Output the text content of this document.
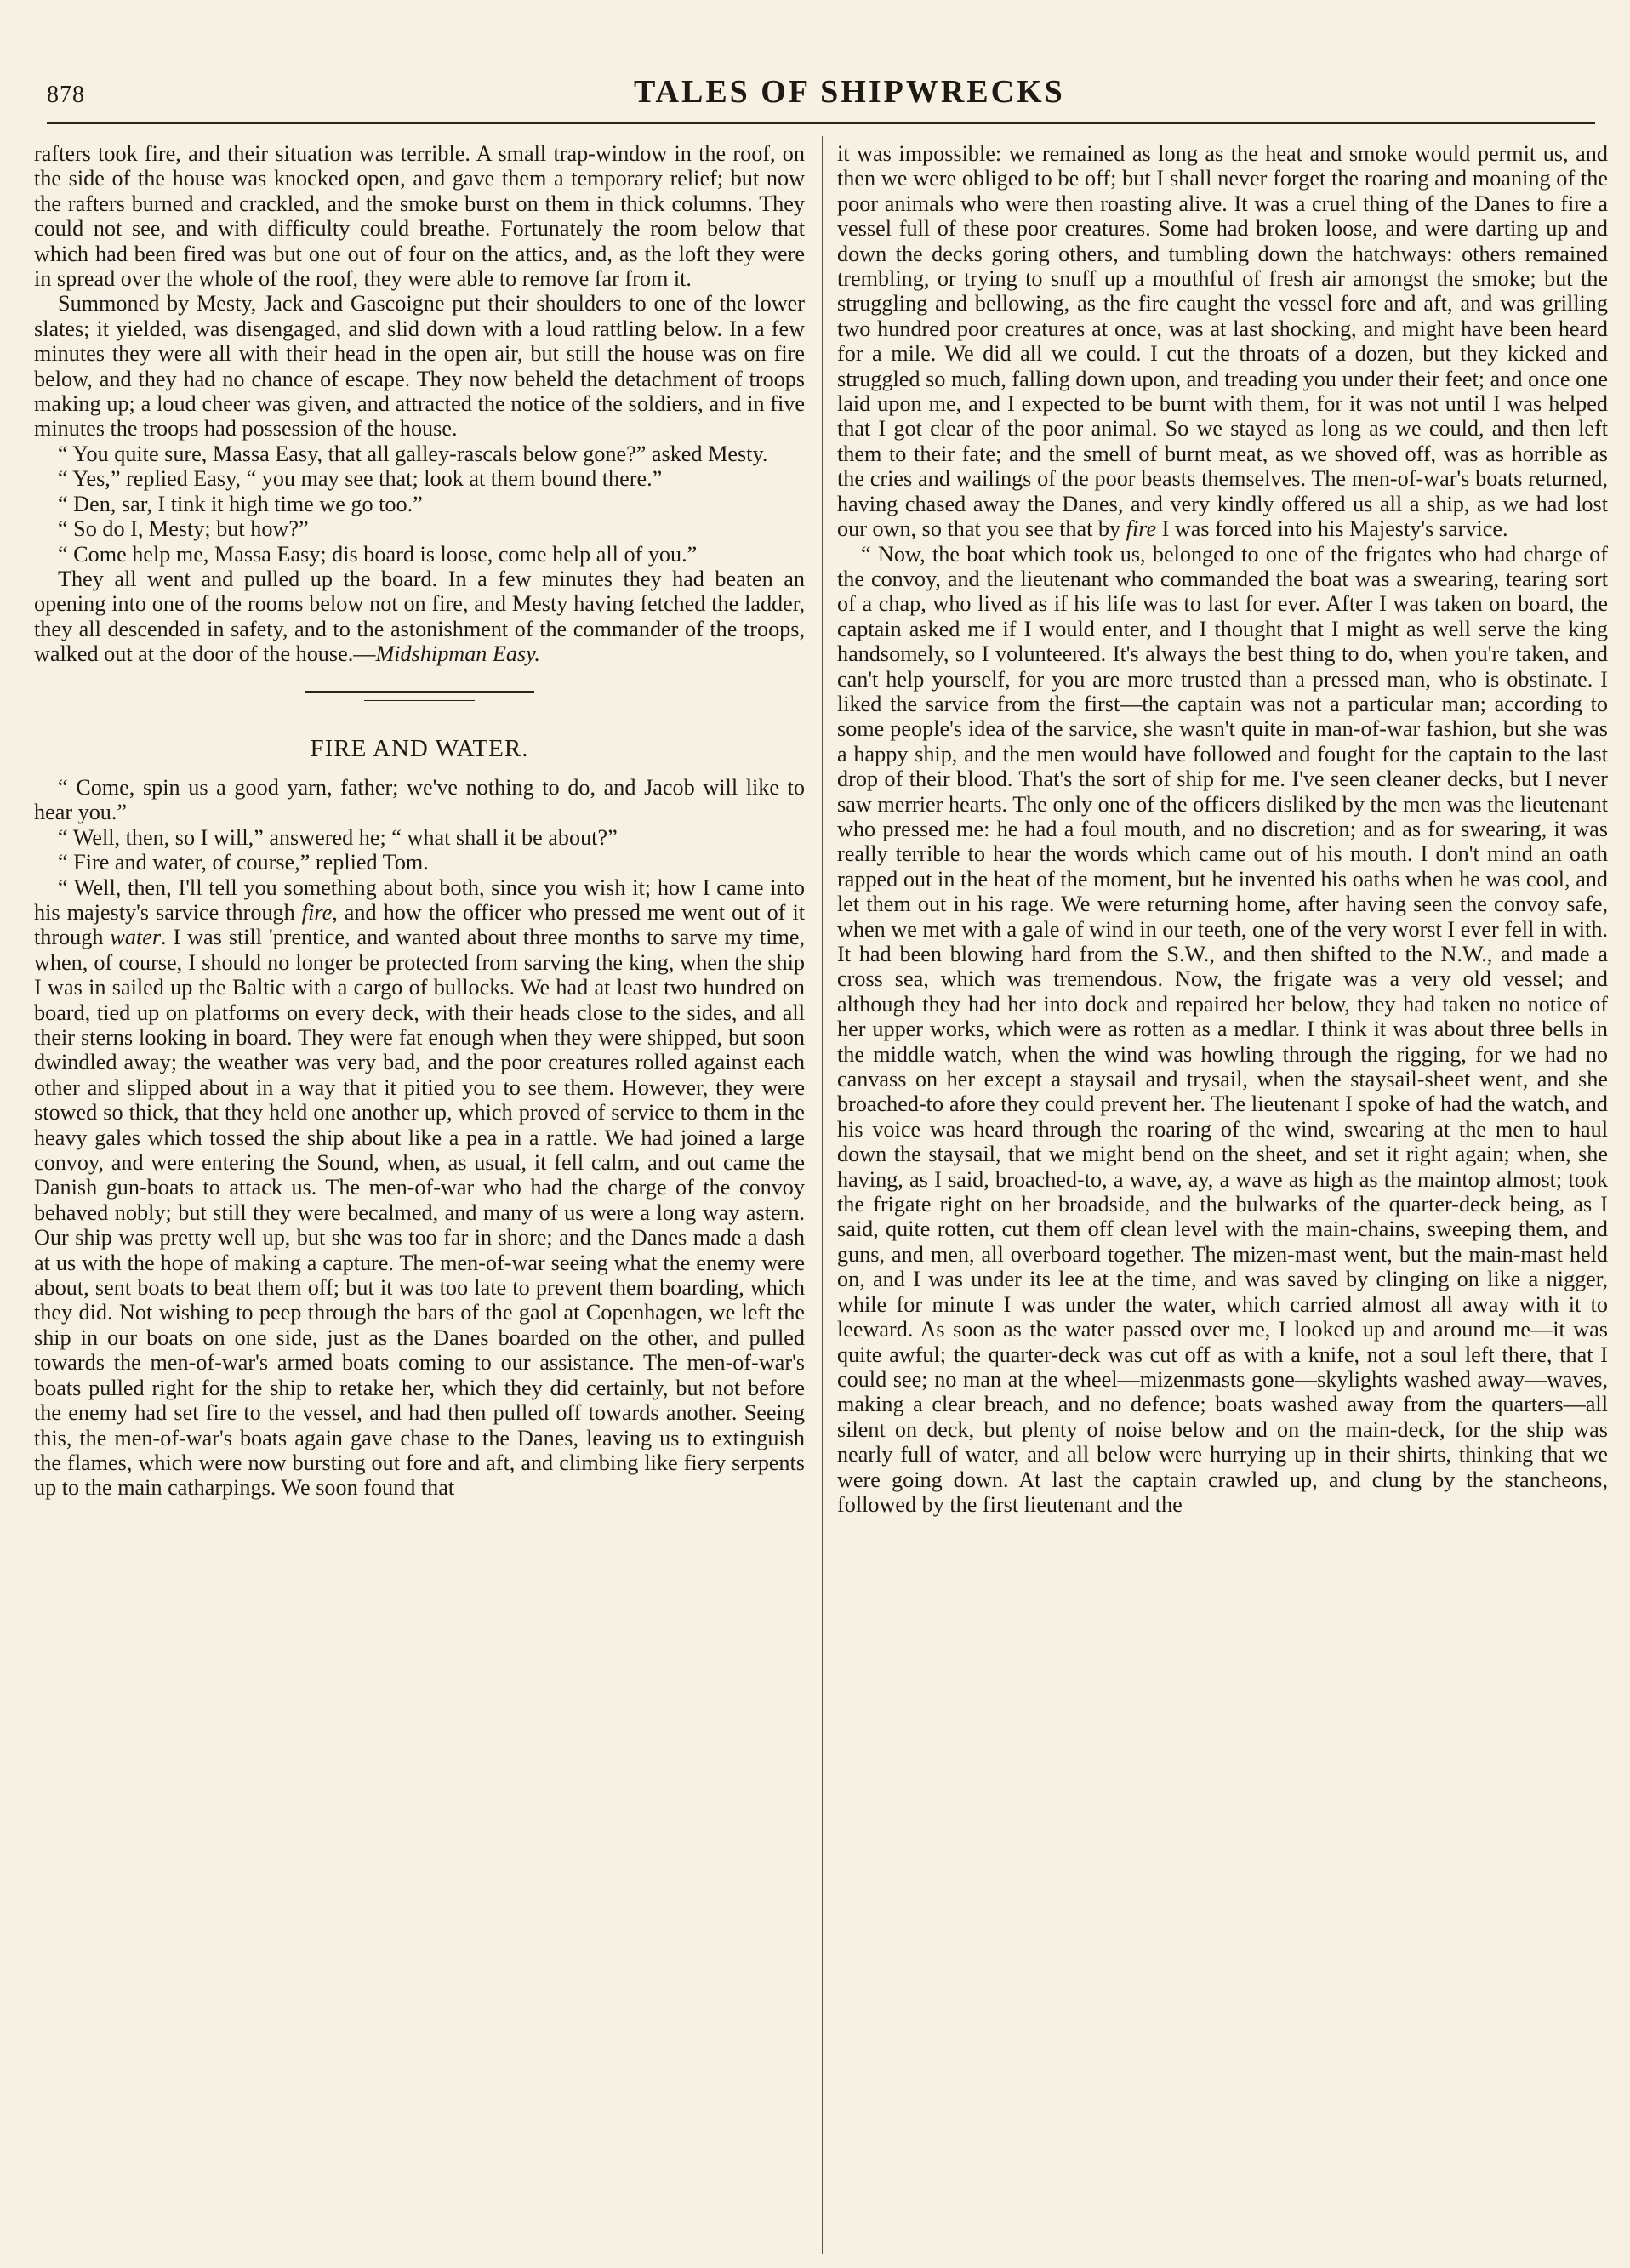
878	TALES OF SHIPWRECKS

rafters took fire, and their situation was terrible. A small trap-window in the roof, on the side of the house was knocked open, and gave them a temporary relief; but now the rafters burned and crackled, and the smoke burst on them in thick columns. They could not see, and with difficulty could breathe. Fortunately the room below that which had been fired was but one out of four on the attics, and, as the loft they were in spread over the whole of the roof, they were able to remove far from it.

Summoned by Mesty, Jack and Gascoigne put their shoulders to one of the lower slates; it yielded, was disengaged, and slid down with a loud rattling below. In a few minutes they were all with their head in the open air, but still the house was on fire below, and they had no chance of escape. They now beheld the detachment of troops making up; a loud cheer was given, and attracted the notice of the soldiers, and in five minutes the troops had possession of the house.

“ You quite sure, Massa Easy, that all galley-rascals below gone?” asked Mesty.

“ Yes,” replied Easy, “ you may see that; look at them bound there.”

“ Den, sar, I tink it high time we go too.”

“ So do I, Mesty; but how?”

“ Come help me, Massa Easy; dis board is loose, come help all of you.”

They all went and pulled up the board. In a few minutes they had beaten an opening into one of the rooms below not on fire, and Mesty having fetched the ladder, they all descended in safety, and to the astonishment of the commander of the troops, walked out at the door of the house.—Midshipman Easy.

FIRE AND WATER.

“ Come, spin us a good yarn, father; we've nothing to do, and Jacob will like to hear you.”

“ Well, then, so I will,” answered he; “ what shall it be about?”

“ Fire and water, of course,” replied Tom.

“ Well, then, I'll tell you something about both, since you wish it; how I came into his majesty's sarvice through fire, and how the officer who pressed me went out of it through water. I was still 'prentice, and wanted about three months to sarve my time, when, of course, I should no longer be protected from sarving the king, when the ship I was in sailed up the Baltic with a cargo of bullocks. We had at least two hundred on board, tied up on platforms on every deck, with their heads close to the sides, and all their sterns looking in board. They were fat enough when they were shipped, but soon dwindled away; the weather was very bad, and the poor creatures rolled against each other and slipped about in a way that it pitied you to see them. However, they were stowed so thick, that they held one another up, which proved of service to them in the heavy gales which tossed the ship about like a pea in a rattle. We had joined a large convoy, and were entering the Sound, when, as usual, it fell calm, and out came the Danish gun-boats to attack us. The men-of-war who had the charge of the convoy behaved nobly; but still they were becalmed, and many of us were a long way astern. Our ship was pretty well up, but she was too far in shore; and the Danes made a dash at us with the hope of making a capture. The men-of-war seeing what the enemy were about, sent boats to beat them off; but it was too late to prevent them boarding, which they did. Not wishing to peep through the bars of the gaol at Copenhagen, we left the ship in our boats on one side, just as the Danes boarded on the other, and pulled towards the men-of-war's armed boats coming to our assistance. The men-of-war's boats pulled right for the ship to retake her, which they did certainly, but not before the enemy had set fire to the vessel, and had then pulled off towards another. Seeing this, the men-of-war's boats again gave chase to the Danes, leaving us to extinguish the flames, which were now bursting out fore and aft, and climbing like fiery serpents up to the main catharpings. We soon found that

it was impossible: we remained as long as the heat and smoke would permit us, and then we were obliged to be off; but I shall never forget the roaring and moaning of the poor animals who were then roasting alive. It was a cruel thing of the Danes to fire a vessel full of these poor creatures. Some had broken loose, and were darting up and down the decks goring others, and tumbling down the hatchways: others remained trembling, or trying to snuff up a mouthful of fresh air amongst the smoke; but the struggling and bellowing, as the fire caught the vessel fore and aft, and was grilling two hundred poor creatures at once, was at last shocking, and might have been heard for a mile. We did all we could. I cut the throats of a dozen, but they kicked and struggled so much, falling down upon, and treading you under their feet; and once one laid upon me, and I expected to be burnt with them, for it was not until I was helped that I got clear of the poor animal. So we stayed as long as we could, and then left them to their fate; and the smell of burnt meat, as we shoved off, was as horrible as the cries and wailings of the poor beasts themselves. The men-of-war's boats returned, having chased away the Danes, and very kindly offered us all a ship, as we had lost our own, so that you see that by fire I was forced into his Majesty's sarvice.

“ Now, the boat which took us, belonged to one of the frigates who had charge of the convoy, and the lieutenant who commanded the boat was a swearing, tearing sort of a chap, who lived as if his life was to last for ever. After I was taken on board, the captain asked me if I would enter, and I thought that I might as well serve the king handsomely, so I volunteered. It's always the best thing to do, when you're taken, and can't help yourself, for you are more trusted than a pressed man, who is obstinate. I liked the sarvice from the first—the captain was not a particular man; according to some people's idea of the sarvice, she wasn't quite in man-of-war fashion, but she was a happy ship, and the men would have followed and fought for the captain to the last drop of their blood. That's the sort of ship for me. I've seen cleaner decks, but I never saw merrier hearts. The only one of the officers disliked by the men was the lieutenant who pressed me: he had a foul mouth, and no discretion; and as for swearing, it was really terrible to hear the words which came out of his mouth. I don't mind an oath rapped out in the heat of the moment, but he invented his oaths when he was cool, and let them out in his rage. We were returning home, after having seen the convoy safe, when we met with a gale of wind in our teeth, one of the very worst I ever fell in with. It had been blowing hard from the S.W., and then shifted to the N.W., and made a cross sea, which was tremendous. Now, the frigate was a very old vessel; and although they had her into dock and repaired her below, they had taken no notice of her upper works, which were as rotten as a medlar. I think it was about three bells in the middle watch, when the wind was howling through the rigging, for we had no canvass on her except a staysail and trysail, when the staysail-sheet went, and she broached-to afore they could prevent her. The lieutenant I spoke of had the watch, and his voice was heard through the roaring of the wind, swearing at the men to haul down the staysail, that we might bend on the sheet, and set it right again; when, she having, as I said, broached-to, a wave, ay, a wave as high as the maintop almost; took the frigate right on her broadside, and the bulwarks of the quarter-deck being, as I said, quite rotten, cut them off clean level with the main-chains, sweeping them, and guns, and men, all overboard together. The mizen-mast went, but the main-mast held on, and I was under its lee at the time, and was saved by clinging on like a nigger, while for minute I was under the water, which carried almost all away with it to leeward. As soon as the water passed over me, I looked up and around me—it was quite awful; the quarter-deck was cut off as with a knife, not a soul left there, that I could see; no man at the wheel—mizenmasts gone—skylights washed away—waves, making a clear breach, and no defence; boats washed away from the quarters—all silent on deck, but plenty of noise below and on the main-deck, for the ship was nearly full of water, and all below were hurrying up in their shirts, thinking that we were going down. At last the captain crawled up, and clung by the stancheons, followed by the first lieutenant and the
